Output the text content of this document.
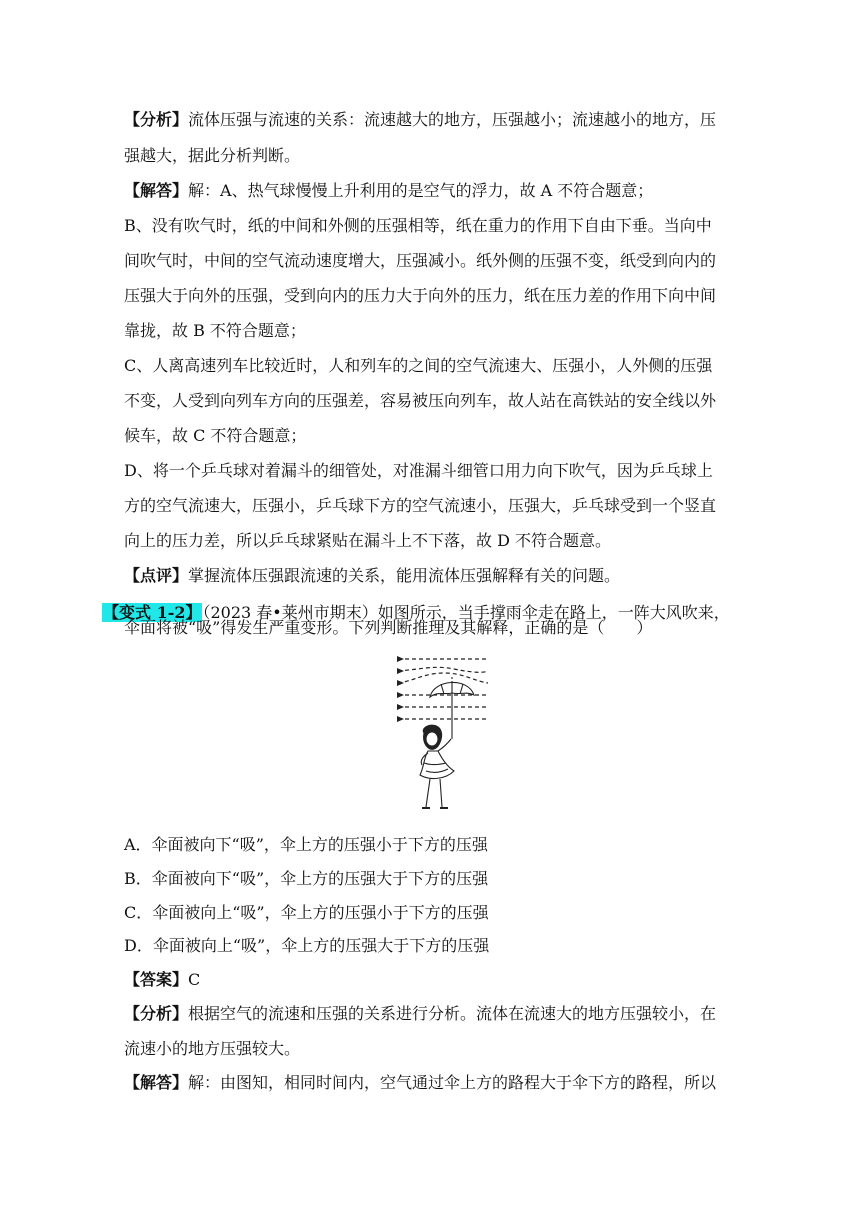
【分析】流体压强与流速的关系：流速越大的地方，压强越小；流速越小的地方，压
强越大，据此分析判断。
【解答】解：A、热气球慢慢上升利用的是空气的浮力，故 A 不符合题意；
B、没有吹气时，纸的中间和外侧的压强相等，纸在重力的作用下自由下垂。当向中
间吹气时，中间的空气流动速度增大，压强减小。纸外侧的压强不变，纸受到向内的
压强大于向外的压强，受到向内的压力大于向外的压力，纸在压力差的作用下向中间
靠拢，故 B 不符合题意；
C、人离高速列车比较近时，人和列车的之间的空气流速大、压强小，人外侧的压强
不变，人受到向列车方向的压强差，容易被压向列车，故人站在高铁站的安全线以外
候车，故 C 不符合题意；
D、将一个乒乓球对着漏斗的细管处，对准漏斗细管口用力向下吹气，因为乒乓球上
方的空气流速大，压强小，乒乓球下方的空气流速小，压强大，乒乓球受到一个竖直
向上的压力差，所以乒乓球紧贴在漏斗上不下落，故 D 不符合题意。
【点评】掌握流体压强跟流速的关系，能用流体压强解释有关的问题。
【变式 1-2】（2023 春•莱州市期末）如图所示，当手撑雨伞走在路上，一阵大风吹来，
伞面将被“吸”得发生严重变形。下列判断推理及其解释，正确的是（　　）
A．伞面被向下“吸”，伞上方的压强小于下方的压强
B．伞面被向下“吸”，伞上方的压强大于下方的压强
C．伞面被向上“吸”，伞上方的压强小于下方的压强
D．伞面被向上“吸”，伞上方的压强大于下方的压强
【答案】C
【分析】根据空气的流速和压强的关系进行分析。流体在流速大的地方压强较小，在
流速小的地方压强较大。
【解答】解：由图知，相同时间内，空气通过伞上方的路程大于伞下方的路程，所以
